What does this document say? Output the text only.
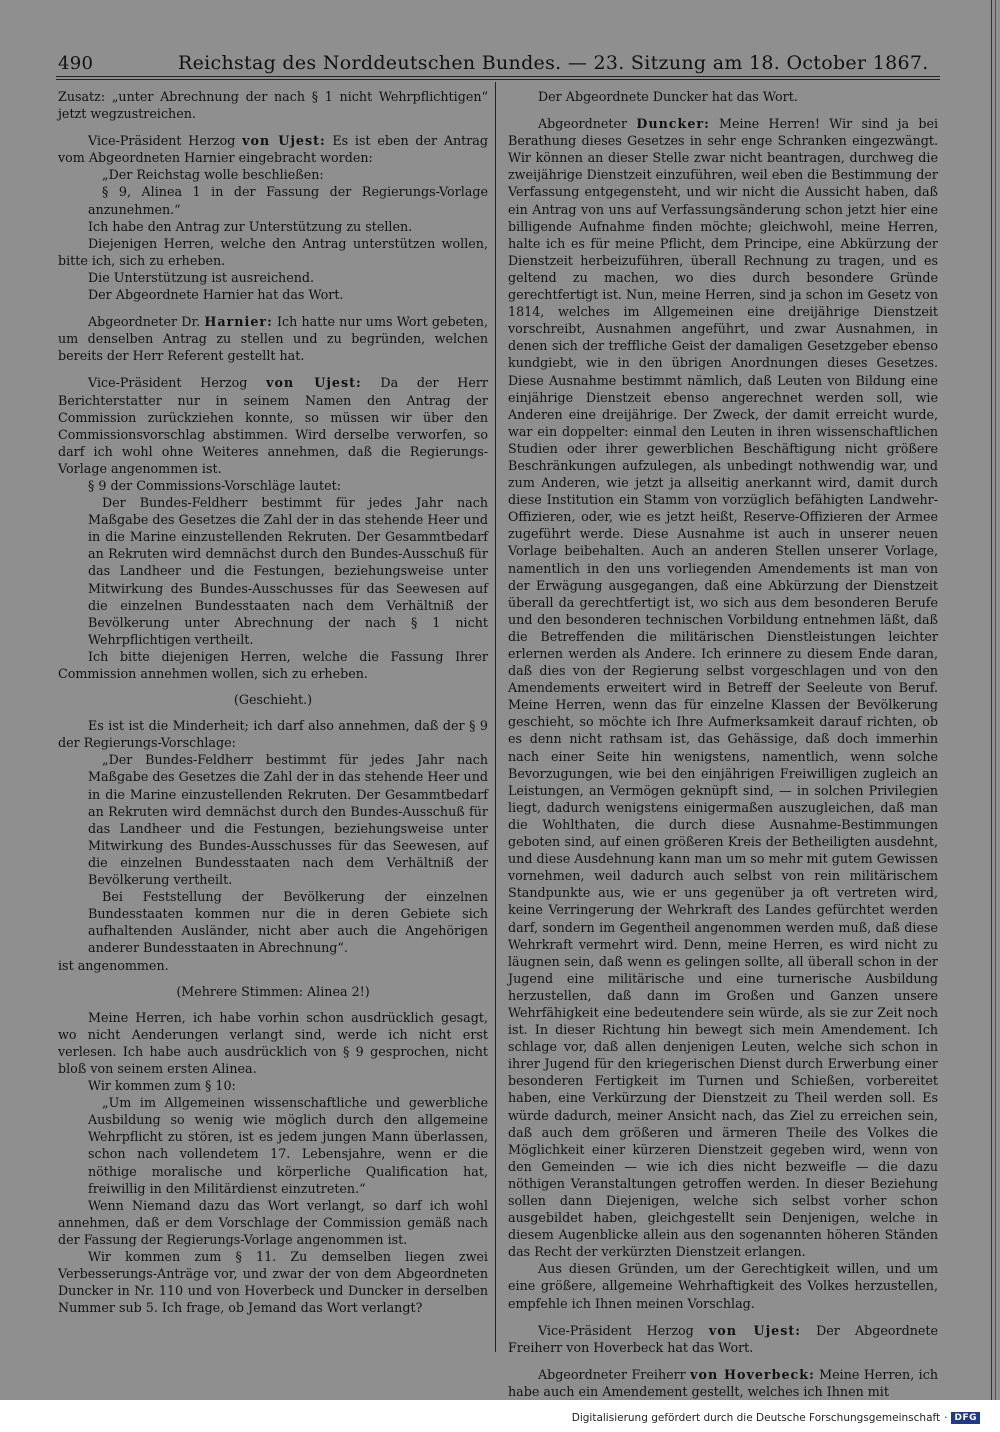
490	Reichstag des Norddeutschen Bundes. — 23. Sitzung am 18. October 1867.

Zusatz: „unter Abrechnung der nach § 1 nicht Wehrpflichtigen“ jetzt wegzustreichen.

Vice-Präsident Herzog von Ujest: Es ist eben der Antrag vom Abgeordneten Harnier eingebracht worden:

„Der Reichstag wolle beschließen:

§ 9, Alinea 1 in der Fassung der Regierungs-Vorlage anzunehmen.“

Ich habe den Antrag zur Unterstützung zu stellen.

Diejenigen Herren, welche den Antrag unterstützen wollen, bitte ich, sich zu erheben.

Die Unterstützung ist ausreichend.

Der Abgeordnete Harnier hat das Wort.

Abgeordneter Dr. Harnier: Ich hatte nur ums Wort gebeten, um denselben Antrag zu stellen und zu begründen, welchen bereits der Herr Referent gestellt hat.

Vice-Präsident Herzog von Ujest: Da der Herr Berichterstatter nur in seinem Namen den Antrag der Commission zurückziehen konnte, so müssen wir über den Commissionsvorschlag abstimmen. Wird derselbe verworfen, so darf ich wohl ohne Weiteres annehmen, daß die Regierungs-Vorlage angenommen ist.

§ 9 der Commissions-Vorschläge lautet:

Der Bundes-Feldherr bestimmt für jedes Jahr nach Maßgabe des Gesetzes die Zahl der in das stehende Heer und in die Marine einzustellenden Rekruten. Der Gesammtbedarf an Rekruten wird demnächst durch den Bundes-Ausschuß für das Landheer und die Festungen, beziehungsweise unter Mitwirkung des Bundes-Ausschusses für das Seewesen auf die einzelnen Bundesstaaten nach dem Verhältniß der Bevölkerung unter Abrechnung der nach § 1 nicht Wehrpflichtigen vertheilt.

Ich bitte diejenigen Herren, welche die Fassung Ihrer Commission annehmen wollen, sich zu erheben.

(Geschieht.)

Es ist ist die Minderheit; ich darf also annehmen, daß der § 9 der Regierungs-Vorschlage:

„Der Bundes-Feldherr bestimmt für jedes Jahr nach Maßgabe des Gesetzes die Zahl der in das stehende Heer und in die Marine einzustellenden Rekruten. Der Gesammtbedarf an Rekruten wird demnächst durch den Bundes-Ausschuß für das Landheer und die Festungen, beziehungsweise unter Mitwirkung des Bundes-Ausschusses für das Seewesen, auf die einzelnen Bundesstaaten nach dem Verhältniß der Bevölkerung vertheilt.

Bei Feststellung der Bevölkerung der einzelnen Bundesstaaten kommen nur die in deren Gebiete sich aufhaltenden Ausländer, nicht aber auch die Angehörigen anderer Bundesstaaten in Abrechnung“.

ist angenommen.

(Mehrere Stimmen: Alinea 2!)

Meine Herren, ich habe vorhin schon ausdrücklich gesagt, wo nicht Aenderungen verlangt sind, werde ich nicht erst verlesen. Ich habe auch ausdrücklich von § 9 gesprochen, nicht bloß von seinem ersten Alinea.

Wir kommen zum § 10:

„Um im Allgemeinen wissenschaftliche und gewerbliche Ausbildung so wenig wie möglich durch den allgemeine Wehrpflicht zu stören, ist es jedem jungen Mann überlassen, schon nach vollendetem 17. Lebensjahre, wenn er die nöthige moralische und körperliche Qualification hat, freiwillig in den Militärdienst einzutreten.“

Wenn Niemand dazu das Wort verlangt, so darf ich wohl annehmen, daß er dem Vorschlage der Commission gemäß nach der Fassung der Regierungs-Vorlage angenommen ist.

Wir kommen zum § 11. Zu demselben liegen zwei Verbesserungs-Anträge vor, und zwar der von dem Abgeordneten Duncker in Nr. 110 und von Hoverbeck und Duncker in derselben Nummer sub 5. Ich frage, ob Jemand das Wort verlangt?

Der Abgeordnete Duncker hat das Wort.

Abgeordneter Duncker: Meine Herren! Wir sind ja bei Berathung dieses Gesetzes in sehr enge Schranken eingezwängt. Wir können an dieser Stelle zwar nicht beantragen, durchweg die zweijährige Dienstzeit einzuführen, weil eben die Bestimmung der Verfassung entgegensteht, und wir nicht die Aussicht haben, daß ein Antrag von uns auf Verfassungsänderung schon jetzt hier eine billigende Aufnahme finden möchte; gleichwohl, meine Herren, halte ich es für meine Pflicht, dem Principe, eine Abkürzung der Dienstzeit herbeizuführen, überall Rechnung zu tragen, und es geltend zu machen, wo dies durch besondere Gründe gerechtfertigt ist. Nun, meine Herren, sind ja schon im Gesetz von 1814, welches im Allgemeinen eine dreijährige Dienstzeit vorschreibt, Ausnahmen angeführt, und zwar Ausnahmen, in denen sich der treffliche Geist der damaligen Gesetzgeber ebenso kundgiebt, wie in den übrigen Anordnungen dieses Gesetzes. Diese Ausnahme bestimmt nämlich, daß Leuten von Bildung eine einjährige Dienstzeit ebenso angerechnet werden soll, wie Anderen eine dreijährige. Der Zweck, der damit erreicht wurde, war ein doppelter: einmal den Leuten in ihren wissenschaftlichen Studien oder ihrer gewerblichen Beschäftigung nicht größere Beschränkungen aufzulegen, als unbedingt nothwendig war, und zum Anderen, wie jetzt ja allseitig anerkannt wird, damit durch diese Institution ein Stamm von vorzüglich befähigten Landwehr-Offizieren, oder, wie es jetzt heißt, Reserve-Offizieren der Armee zugeführt werde. Diese Ausnahme ist auch in unserer neuen Vorlage beibehalten. Auch an anderen Stellen unserer Vorlage, namentlich in den uns vorliegenden Amendements ist man von der Erwägung ausgegangen, daß eine Abkürzung der Dienstzeit überall da gerechtfertigt ist, wo sich aus dem besonderen Berufe und den besonderen technischen Vorbildung entnehmen läßt, daß die Betreffenden die militärischen Dienstleistungen leichter erlernen werden als Andere. Ich erinnere zu diesem Ende daran, daß dies von der Regierung selbst vorgeschlagen und von den Amendements erweitert wird in Betreff der Seeleute von Beruf. Meine Herren, wenn das für einzelne Klassen der Bevölkerung geschieht, so möchte ich Ihre Aufmerksamkeit darauf richten, ob es denn nicht rathsam ist, das Gehässige, daß doch immerhin nach einer Seite hin wenigstens, namentlich, wenn solche Bevorzugungen, wie bei den einjährigen Freiwilligen zugleich an Leistungen, an Vermögen geknüpft sind, — in solchen Privilegien liegt, dadurch wenigstens einigermaßen auszugleichen, daß man die Wohlthaten, die durch diese Ausnahme-Bestimmungen geboten sind, auf einen größeren Kreis der Betheiligten ausdehnt, und diese Ausdehnung kann man um so mehr mit gutem Gewissen vornehmen, weil dadurch auch selbst von rein militärischem Standpunkte aus, wie er uns gegenüber ja oft vertreten wird, keine Verringerung der Wehrkraft des Landes gefürchtet werden darf, sondern im Gegentheil angenommen werden muß, daß diese Wehrkraft vermehrt wird. Denn, meine Herren, es wird nicht zu läugnen sein, daß wenn es gelingen sollte, all überall schon in der Jugend eine militärische und eine turnerische Ausbildung herzustellen, daß dann im Großen und Ganzen unsere Wehrfähigkeit eine bedeutendere sein würde, als sie zur Zeit noch ist. In dieser Richtung hin bewegt sich mein Amendement. Ich schlage vor, daß allen denjenigen Leuten, welche sich schon in ihrer Jugend für den kriegerischen Dienst durch Erwerbung einer besonderen Fertigkeit im Turnen und Schießen, vorbereitet haben, eine Verkürzung der Dienstzeit zu Theil werden soll. Es würde dadurch, meiner Ansicht nach, das Ziel zu erreichen sein, daß auch dem größeren und ärmeren Theile des Volkes die Möglichkeit einer kürzeren Dienstzeit gegeben wird, wenn von den Gemeinden — wie ich dies nicht bezweifle — die dazu nöthigen Veranstaltungen getroffen werden. In dieser Beziehung sollen dann Diejenigen, welche sich selbst vorher schon ausgebildet haben, gleichgestellt sein Denjenigen, welche in diesem Augenblicke allein aus den sogenannten höheren Ständen das Recht der verkürzten Dienstzeit erlangen.

Aus diesen Gründen, um der Gerechtigkeit willen, und um eine größere, allgemeine Wehrhaftigkeit des Volkes herzustellen, empfehle ich Ihnen meinen Vorschlag.

Vice-Präsident Herzog von Ujest: Der Abgeordnete Freiherr von Hoverbeck hat das Wort.

Abgeordneter Freiherr von Hoverbeck: Meine Herren, ich habe auch ein Amendement gestellt, welches ich Ihnen mit

Digitalisierung gefördert durch die Deutsche Forschungsgemeinschaft · DFG
